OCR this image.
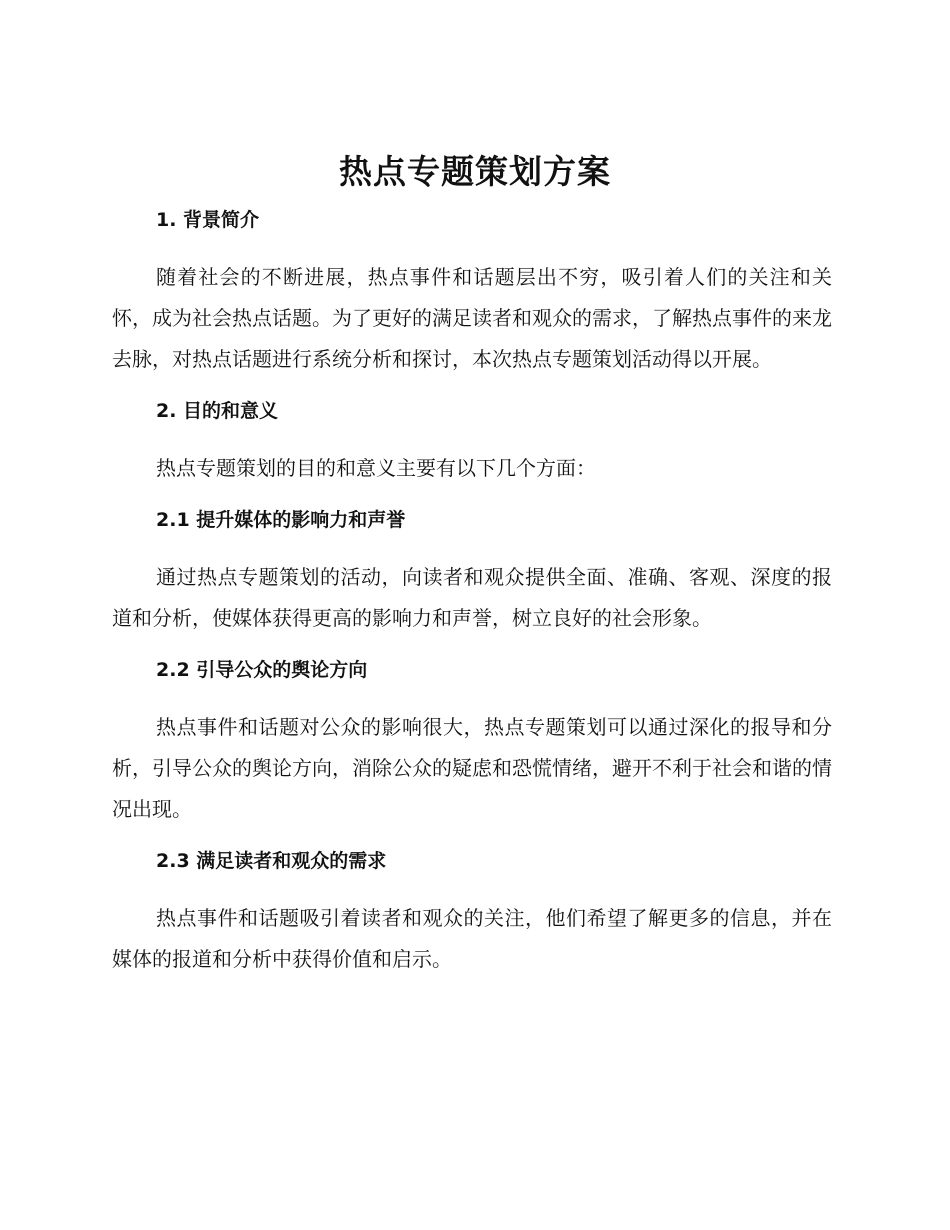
热点专题策划方案
1. 背景简介

随着社会的不断进展，热点事件和话题层出不穷，吸引着人们的关注和关怀，成为社会热点话题。为了更好的满足读者和观众的需求，了解热点事件的来龙去脉，对热点话题进行系统分析和探讨，本次热点专题策划活动得以开展。

2. 目的和意义

热点专题策划的目的和意义主要有以下几个方面：

2.1 提升媒体的影响力和声誉

通过热点专题策划的活动，向读者和观众提供全面、准确、客观、深度的报道和分析，使媒体获得更高的影响力和声誉，树立良好的社会形象。

2.2 引导公众的舆论方向

热点事件和话题对公众的影响很大，热点专题策划可以通过深化的报导和分析，引导公众的舆论方向，消除公众的疑虑和恐慌情绪，避开不利于社会和谐的情况出现。

2.3 满足读者和观众的需求

热点事件和话题吸引着读者和观众的关注，他们希望了解更多的信息，并在媒体的报道和分析中获得价值和启示。
